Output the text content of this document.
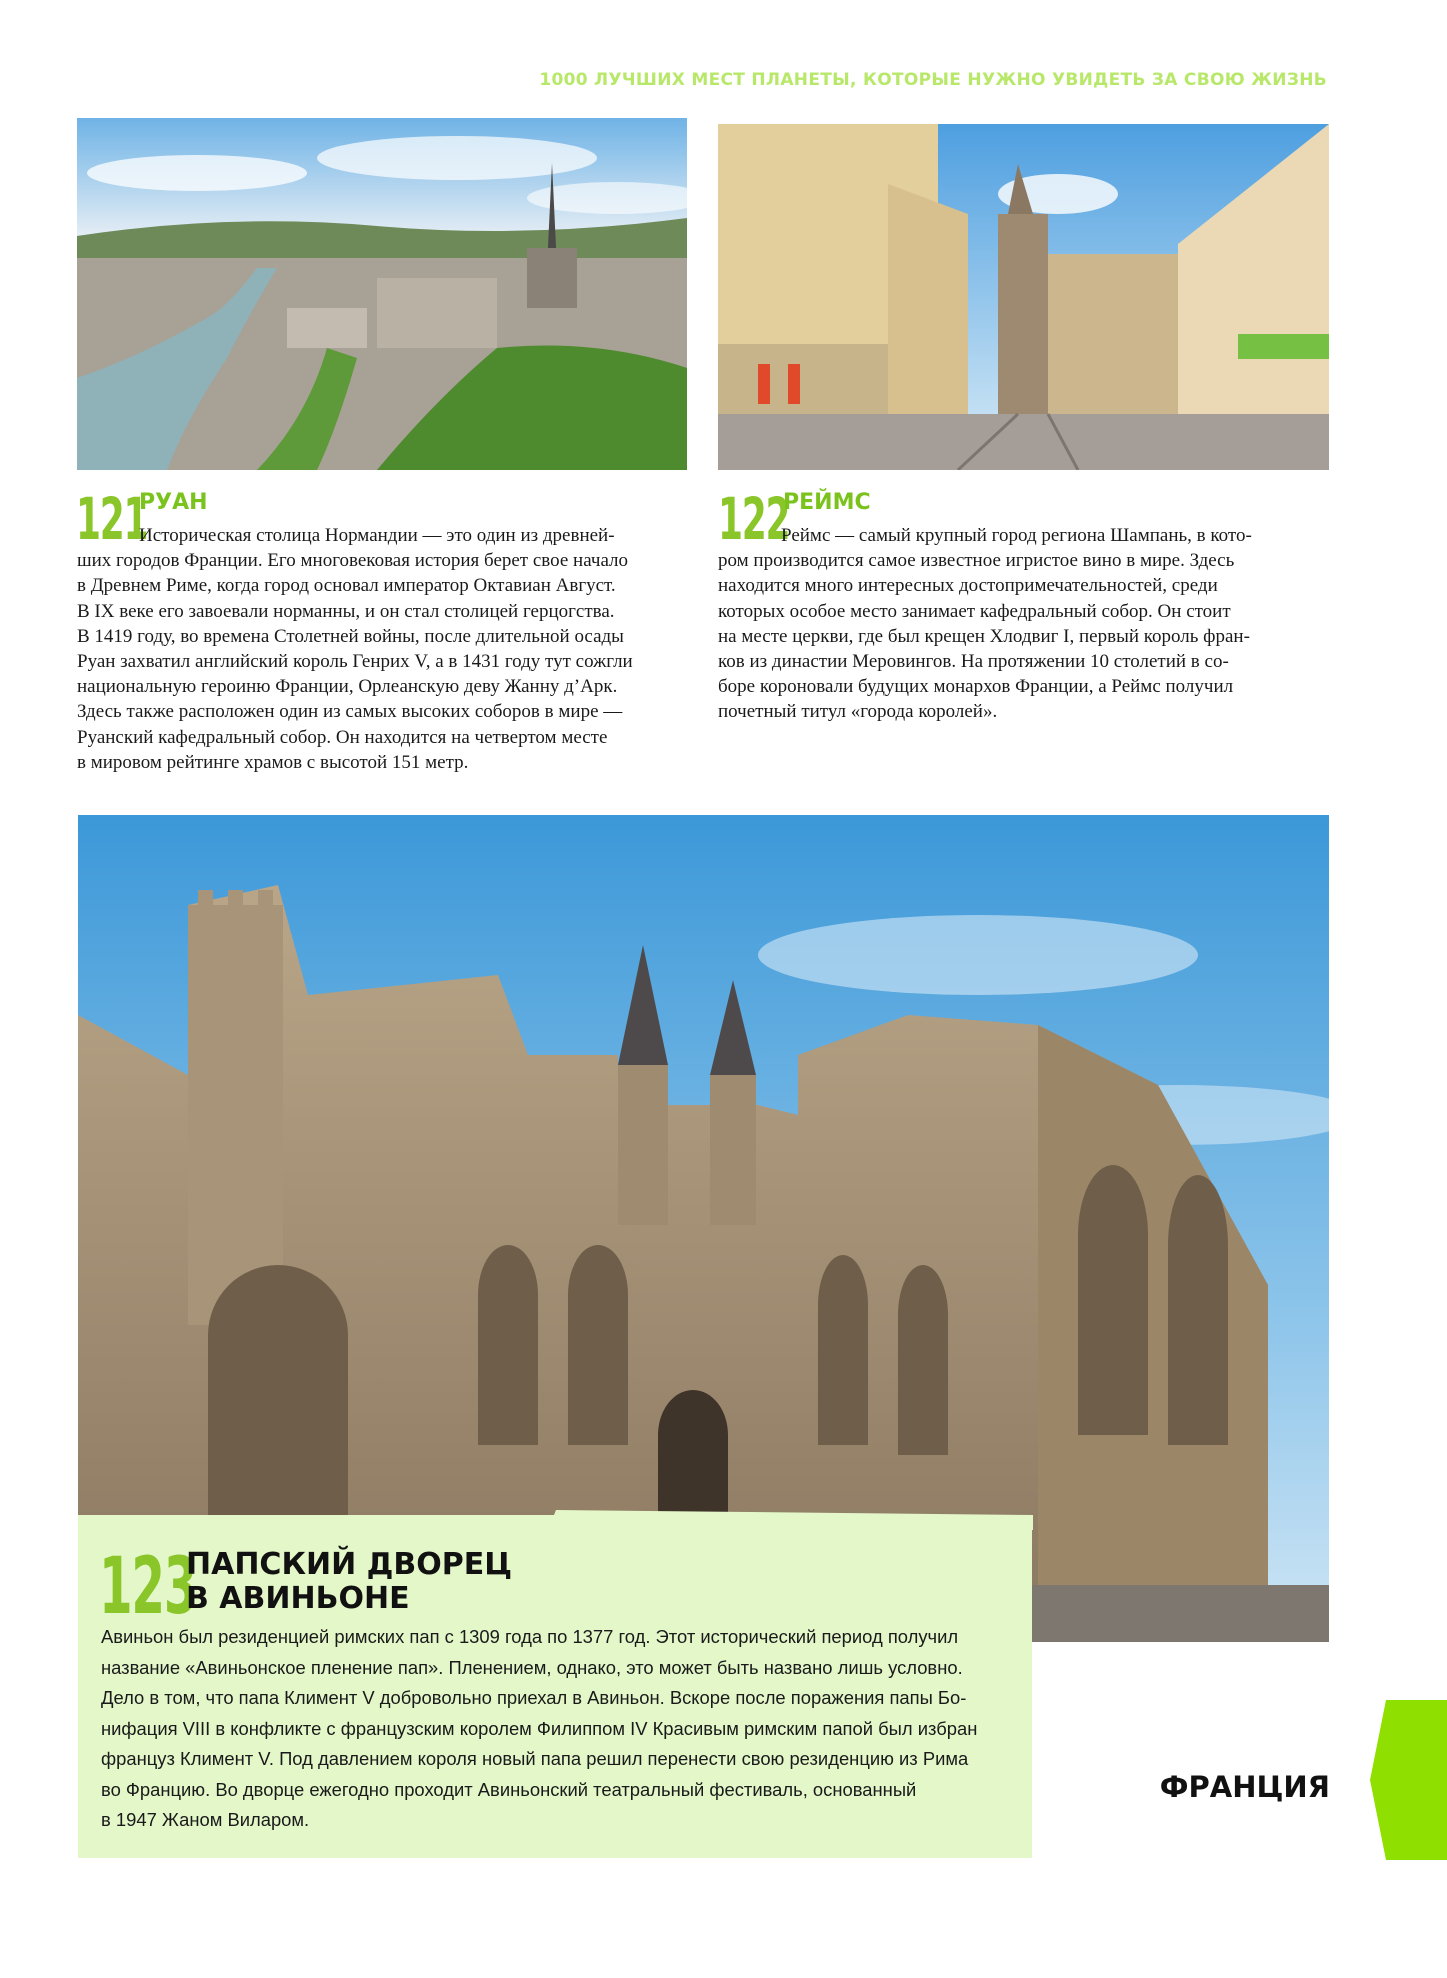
1000 ЛУЧШИХ МЕСТ ПЛАНЕТЫ, КОТОРЫЕ НУЖНО УВИДЕТЬ ЗА СВОЮ ЖИЗНЬ
121
РУАН

Историческая столица Нормандии — это один из древней-

ших городов Франции. Его многовековая история берет свое начало

в Древнем Риме, когда город основал император Октавиан Август.

В IX веке его завоевали норманны, и он стал столицей герцогства.

В 1419 году, во времена Столетней войны, после длительной осады

Руан захватил английский король Генрих V, а в 1431 году тут сожгли

национальную героиню Франции, Орлеанскую деву Жанну д’Арк.

Здесь также расположен один из самых высоких соборов в мире —

Руанский кафедральный собор. Он находится на четвертом месте

в мировом рейтинге храмов с высотой 151 метр.

122
РЕЙМС

Реймс — самый крупный город региона Шампань, в кото-

ром производится самое известное игристое вино в мире. Здесь

находится много интересных достопримечательностей, среди

которых особое место занимает кафедральный собор. Он стоит

на месте церкви, где был крещен Хлодвиг I, первый король фран-

ков из династии Меровингов. На протяжении 10 столетий в со-

боре короновали будущих монархов Франции, а Реймс получил

почетный титул «города королей».

123
ПАПСКИЙ ДВОРЕЦ
В АВИНЬОНЕ
Авиньон был резиденцией римских пап с 1309 года по 1377 год. Этот исторический период получил
название «Авиньонское пленение пап». Пленением, однако, это может быть названо лишь условно.
Дело в том, что папа Климент V добровольно приехал в Авиньон. Вскоре после поражения папы Бо-
нифация VIII в конфликте с французским королем Филиппом IV Красивым римским папой был избран
француз Климент V. Под давлением короля новый папа решил перенести свою резиденцию из Рима
во Францию. Во дворце ежегодно проходит Авиньонский театральный фестиваль, основанный
в 1947 Жаном Виларом.
ФРАНЦИЯ
